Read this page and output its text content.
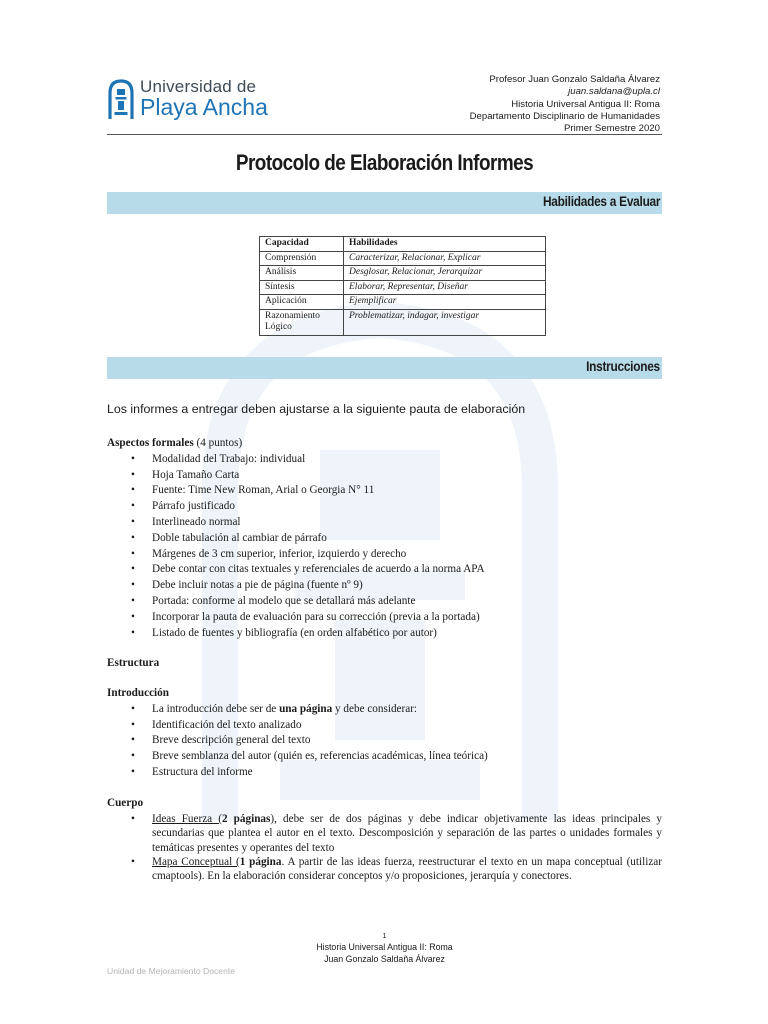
Universidad de
Playa Ancha
Profesor Juan Gonzalo Saldaña Álvarez
juan.saldana@upla.cl
Historia Universal Antigua II: Roma
Departamento Disciplinario de Humanidades
Primer Semestre 2020
Protocolo de Elaboración Informes
Habilidades a Evaluar
Capacidad	Habilidades
Comprensión	Caracterizar, Relacionar, Explicar
Análisis	Desglosar, Relacionar, Jerarquizar
Síntesis	Elaborar, Representar, Diseñar
Aplicación	Ejemplificar
Razonamiento Lógico	Problematizar, indagar, investigar
Instrucciones
Los informes a entregar deben ajustarse a la siguiente pauta de elaboración
Aspectos formales (4 puntos)
• Modalidad del Trabajo: individual
• Hoja Tamaño Carta
• Fuente: Time New Roman, Arial o Georgia N° 11
• Párrafo justificado
• Interlineado normal
• Doble tabulación al cambiar de párrafo
• Márgenes de 3 cm superior, inferior, izquierdo y derecho
• Debe contar con citas textuales y referenciales de acuerdo a la norma APA
• Debe incluir notas a pie de página (fuente nº 9)
• Portada: conforme al modelo que se detallará más adelante
• Incorporar la pauta de evaluación para su corrección (previa a la portada)
• Listado de fuentes y bibliografía (en orden alfabético por autor)
Estructura
Introducción
• La introducción debe ser de una página y debe considerar:
• Identificación del texto analizado
• Breve descripción general del texto
• Breve semblanza del autor (quién es, referencias académicas, línea teórica)
• Estructura del informe
Cuerpo
• Ideas Fuerza (2 páginas), debe ser de dos páginas y debe indicar objetivamente las ideas principales y secundarias que plantea el autor en el texto. Descomposición y separación de las partes o unidades formales y temáticas presentes y operantes del texto
• Mapa Conceptual (1 página. A partir de las ideas fuerza, reestructurar el texto en un mapa conceptual (utilizar cmaptools). En la elaboración considerar conceptos y/o proposiciones, jerarquía y conectores.
1
Historia Universal Antigua II: Roma
Juan Gonzalo Saldaña Álvarez
Unidad de Mejoramiento Docente
